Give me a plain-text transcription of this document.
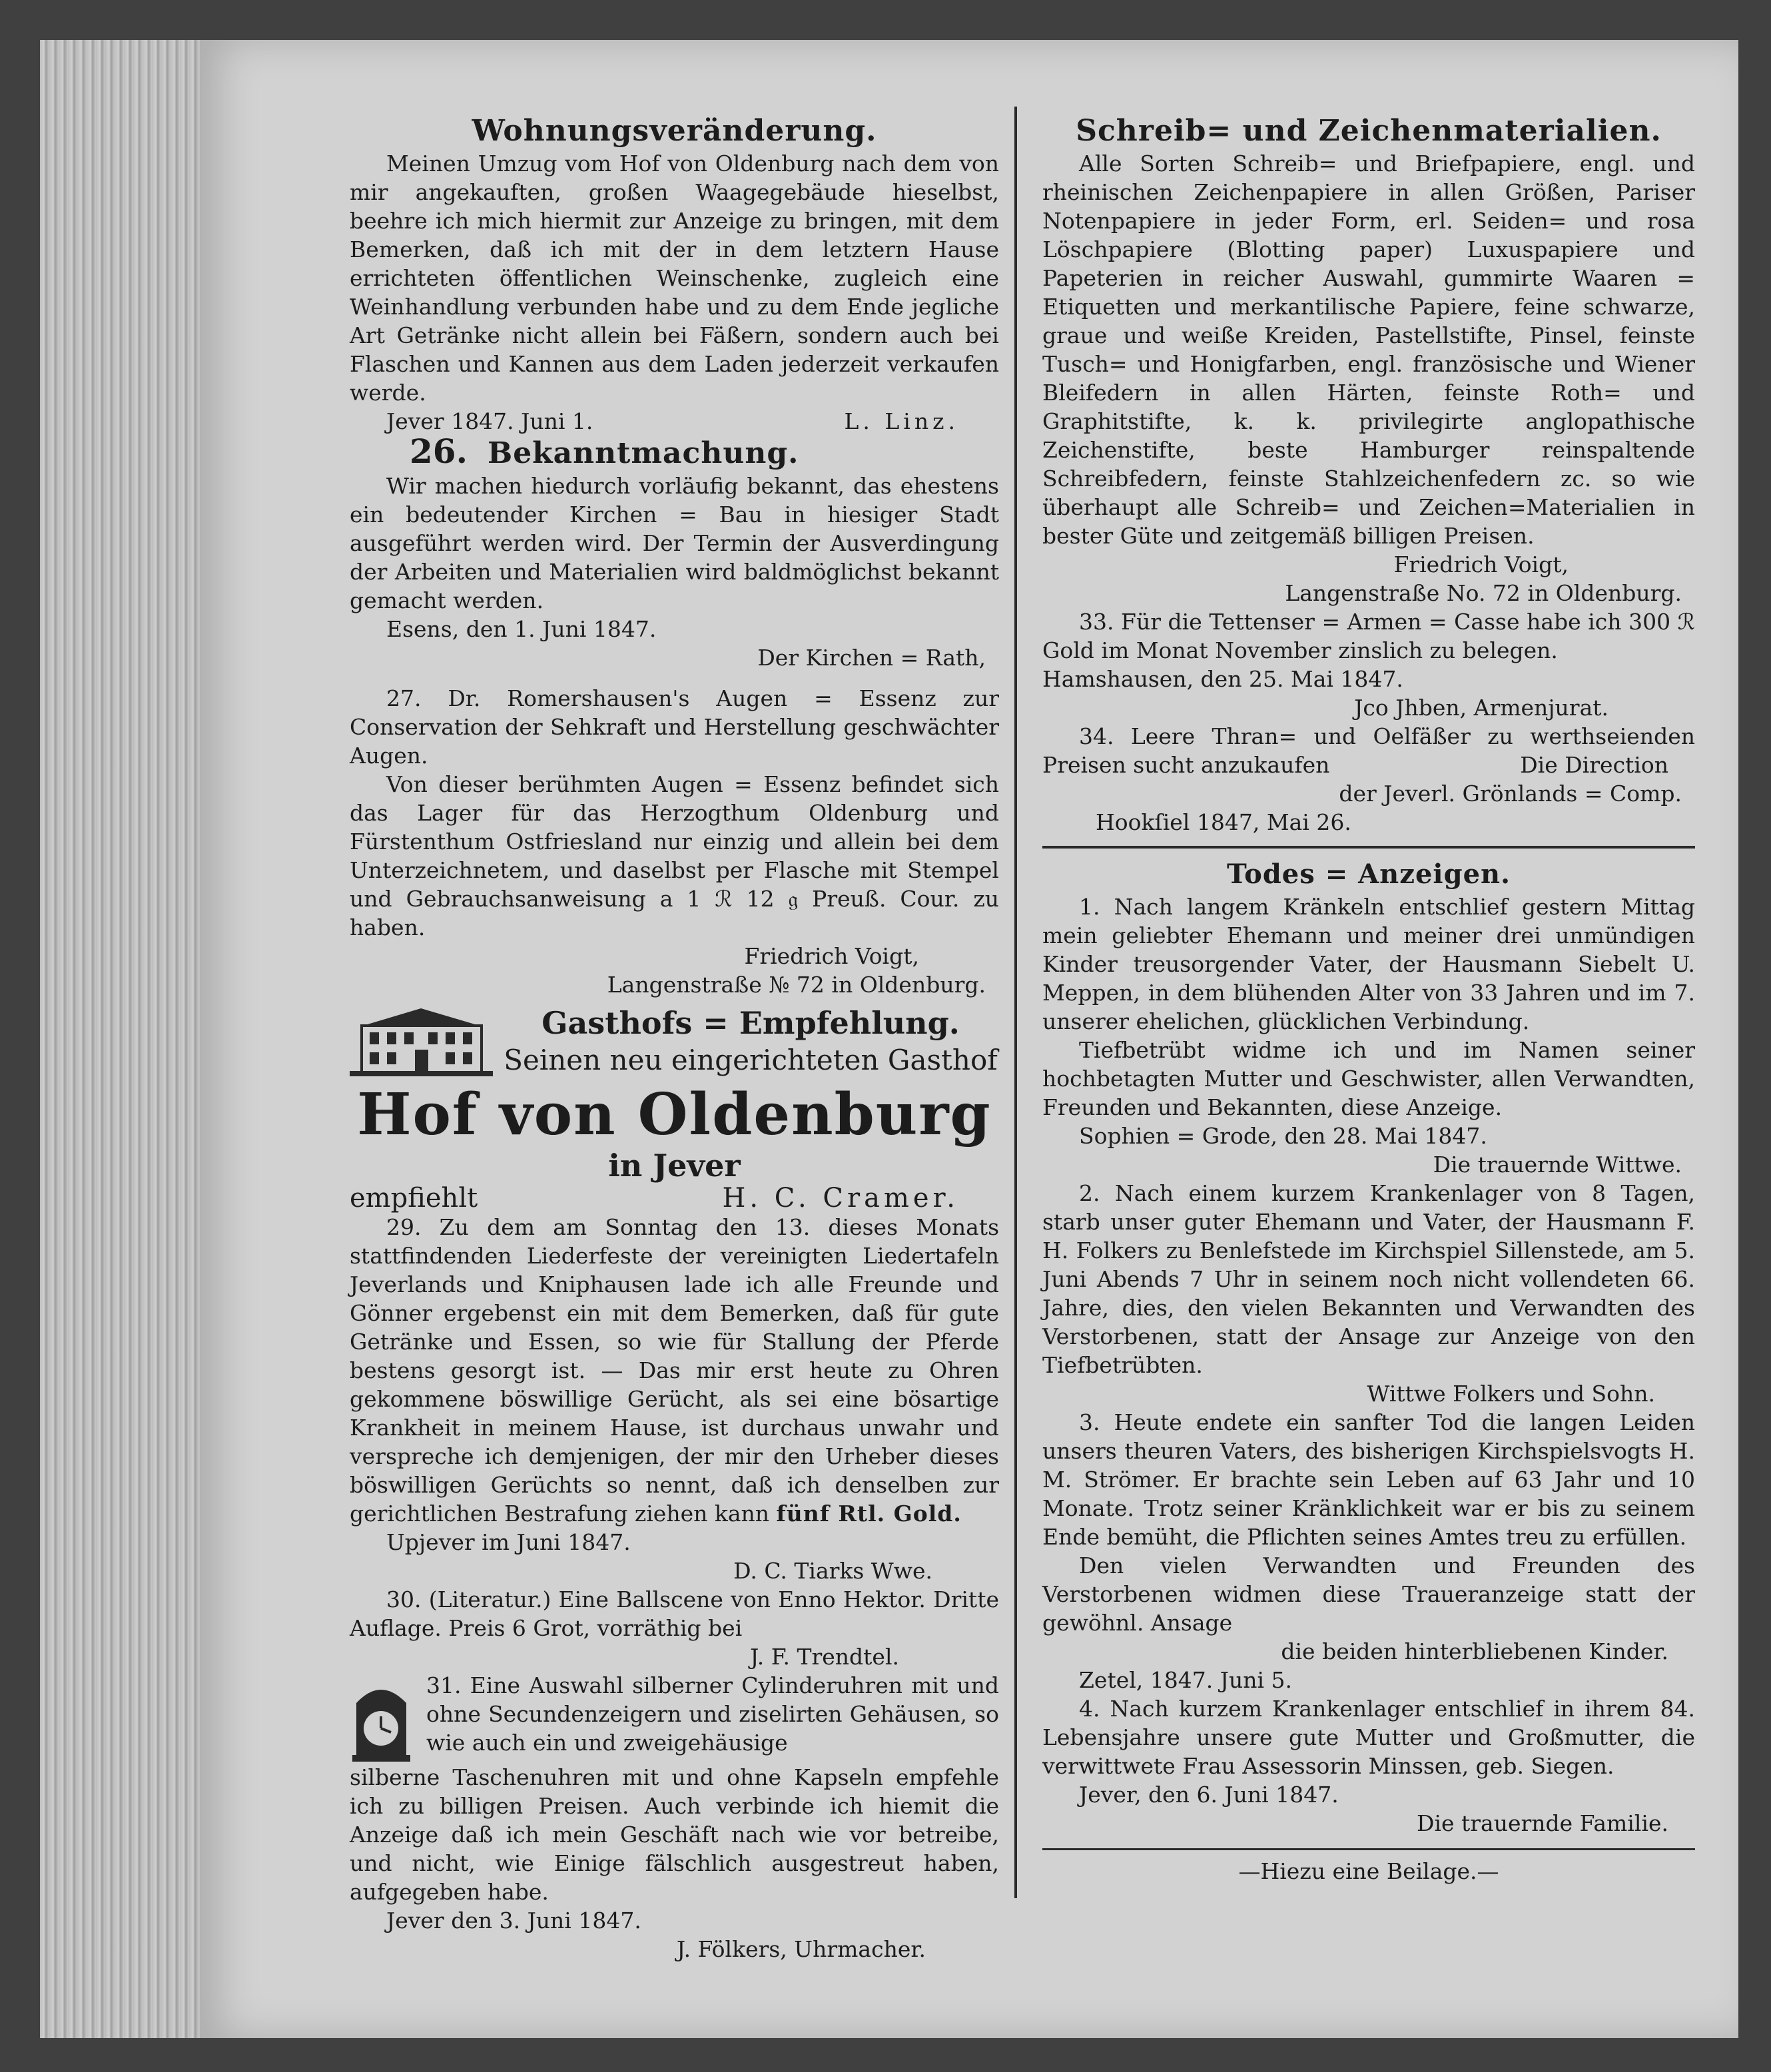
Wohnungsveränderung.

Meinen Umzug vom Hof von Oldenburg nach dem von mir angekauften, großen Waagegebäude hieselbst, beehre ich mich hiermit zur Anzeige zu bringen, mit dem Bemerken, daß ich mit der in dem letztern Hause errichteten öffentlichen Weinschenke, zugleich eine Weinhandlung verbunden habe und zu dem Ende jegliche Art Getränke nicht allein bei Fäßern, sondern auch bei Flaschen und Kannen aus dem Laden jederzeit verkaufen werde.

Jever 1847. Juni 1.	L. Linz.
26. Bekanntmachung.

Wir machen hiedurch vorläufig bekannt, das ehestens ein bedeutender Kirchen = Bau in hiesiger Stadt ausgeführt werden wird. Der Termin der Ausverdingung der Arbeiten und Materialien wird baldmöglichst bekannt gemacht werden.

Esens, den 1. Juni 1847.

Der Kirchen = Rath,

27. Dr. Romershausen's Augen = Essenz zur Conservation der Sehkraft und Herstellung geschwächter Augen.

Von dieser berühmten Augen = Essenz befindet sich das Lager für das Herzogthum Oldenburg und Fürstenthum Ostfriesland nur einzig und allein bei dem Unterzeichnetem, und daselbst per Flasche mit Stempel und Gebrauchsanweisung a 1 ℛ 12 𝔤 Preuß. Cour. zu haben.

Friedrich Voigt,

Langenstraße № 72 in Oldenburg.

Gasthofs = Empfehlung.
Seinen neu eingerichteten Gasthof
Hof von Oldenburg
in Jever
empfiehlt	H. C. Cramer.

29. Zu dem am Sonntag den 13. dieses Monats stattfindenden Liederfeste der vereinigten Liedertafeln Jeverlands und Kniphausen lade ich alle Freunde und Gönner ergebenst ein mit dem Bemerken, daß für gute Getränke und Essen, so wie für Stallung der Pferde bestens gesorgt ist. — Das mir erst heute zu Ohren gekommene böswillige Gerücht, als sei eine bösartige Krankheit in meinem Hause, ist durchaus unwahr und verspreche ich demjenigen, der mir den Urheber dieses böswilligen Gerüchts so nennt, daß ich denselben zur gerichtlichen Bestrafung ziehen kann fünf Rtl. Gold.

Upjever im Juni 1847.

D. C. Tiarks Wwe.

30. (Literatur.) Eine Ballscene von Enno Hektor. Dritte Auflage. Preis 6 Grot, vorräthig bei

J. F. Trendtel.

31. Eine Auswahl silberner Cylinderuhren mit und ohne Secundenzeigern und ziselirten Gehäusen, so wie auch ein und zweigehäusige

silberne Taschenuhren mit und ohne Kapseln empfehle ich zu billigen Preisen. Auch verbinde ich hiemit die Anzeige daß ich mein Geschäft nach wie vor betreibe, und nicht, wie Einige fälschlich ausgestreut haben, aufgegeben habe.

Jever den 3. Juni 1847.

J. Fölkers, Uhrmacher.

Schreib= und Zeichenmaterialien.

Alle Sorten Schreib= und Briefpapiere, engl. und rheinischen Zeichenpapiere in allen Größen, Pariser Notenpapiere in jeder Form, erl. Seiden= und rosa Löschpapiere (Blotting paper) Luxuspapiere und Papeterien in reicher Auswahl, gummirte Waaren = Etiquetten und merkantilische Papiere, feine schwarze, graue und weiße Kreiden, Pastellstifte, Pinsel, feinste Tusch= und Honigfarben, engl. französische und Wiener Bleifedern in allen Härten, feinste Roth= und Graphitstifte, k. k. privilegirte anglopathische Zeichenstifte, beste Hamburger reinspaltende Schreibfedern, feinste Stahlzeichenfedern zc. so wie überhaupt alle Schreib= und Zeichen=Materialien in bester Güte und zeitgemäß billigen Preisen.

Friedrich Voigt,

Langenstraße No. 72 in Oldenburg.

33. Für die Tettenser = Armen = Casse habe ich 300 ℛ Gold im Monat November zinslich zu belegen.

Hamshausen, den 25. Mai 1847.

Jco Jhben, Armenjurat.

34. Leere Thran= und Oelfäßer zu werthseienden Preisen sucht anzukaufen	Die Direction

der Jeverl. Grönlands = Comp.

Hookſiel 1847, Mai 26.

Todes = Anzeigen.

1. Nach langem Kränkeln entschlief gestern Mittag mein geliebter Ehemann und meiner drei unmündigen Kinder treusorgender Vater, der Hausmann Siebelt U. Meppen, in dem blühenden Alter von 33 Jahren und im 7. unserer ehelichen, glücklichen Verbindung.

Tiefbetrübt widme ich und im Namen seiner hochbetagten Mutter und Geschwister, allen Verwandten, Freunden und Bekannten, diese Anzeige.

Sophien = Grode, den 28. Mai 1847.

Die trauernde Wittwe.

2. Nach einem kurzem Krankenlager von 8 Tagen, starb unser guter Ehemann und Vater, der Hausmann F. H. Folkers zu Benlefstede im Kirchspiel Sillenstede, am 5. Juni Abends 7 Uhr in seinem noch nicht vollendeten 66. Jahre, dies, den vielen Bekannten und Verwandten des Verstorbenen, statt der Ansage zur Anzeige von den Tiefbetrübten.

Wittwe Folkers und Sohn.

3. Heute endete ein sanfter Tod die langen Leiden unsers theuren Vaters, des bisherigen Kirchspielsvogts H. M. Strömer. Er brachte sein Leben auf 63 Jahr und 10 Monate. Trotz seiner Kränklichkeit war er bis zu seinem Ende bemüht, die Pflichten seines Amtes treu zu erfüllen.

Den vielen Verwandten und Freunden des Verstorbenen widmen diese Traueranzeige statt der gewöhnl. Ansage

die beiden hinterbliebenen Kinder.

Zetel, 1847. Juni 5.

4. Nach kurzem Krankenlager entschlief in ihrem 84. Lebensjahre unsere gute Mutter und Großmutter, die verwittwete Frau Assessorin Minssen, geb. Siegen.

Jever, den 6. Juni 1847.

Die trauernde Familie.

—Hiezu eine Beilage.—
